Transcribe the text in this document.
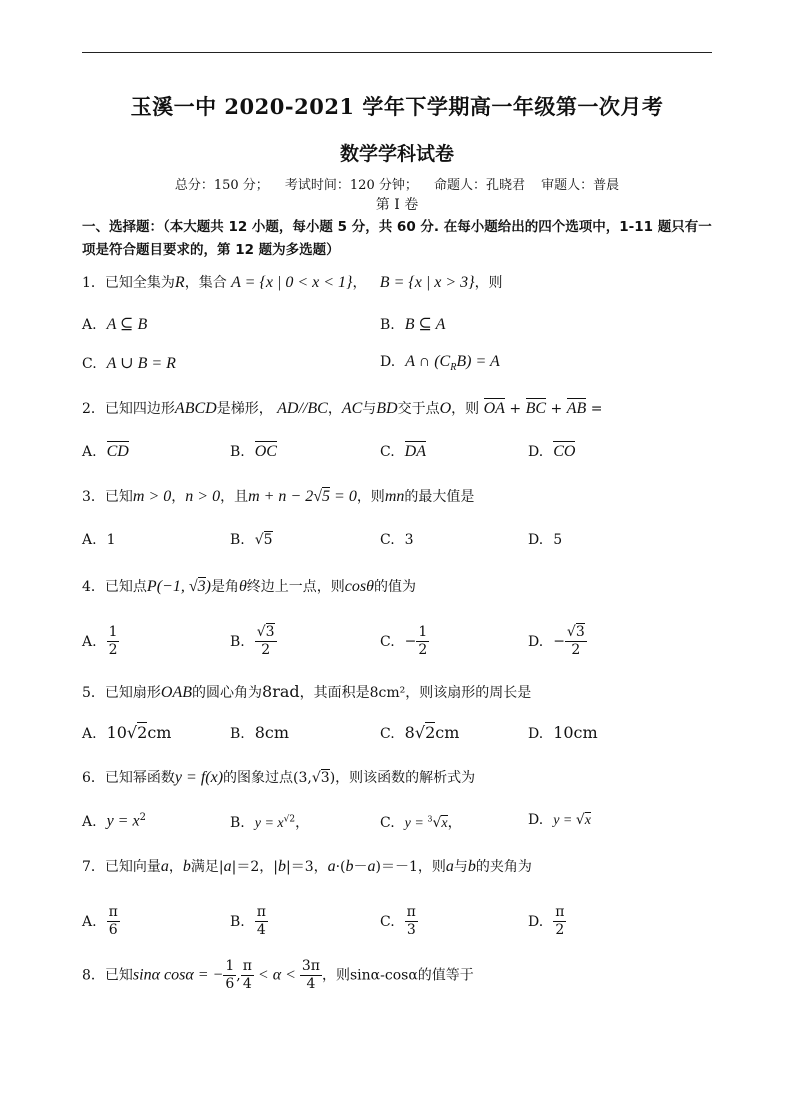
玉溪一中 2020-2021 学年下学期高一年级第一次月考
数学学科试卷
总分：150 分； 考试时间：120 分钟； 命题人：孔晓君 审题人：普晨
第 I 卷
一、选择题：（本大题共 12 小题，每小题 5 分，共 60 分. 在每小题给出的四个选项中，1-11 题只有一项是符合题目要求的，第 12 题为多选题）
1．已知全集为R，集合 A = {x | 0 < x < 1}， B = {x | x > 3}，则
A. A ⊆ B	B. B ⊆ A
C. A ∪ B = R	D. A ∩ $(C_RB) = A$
2．已知四边形ABCD是梯形， AD//BC，AC与BD交于点O，则 OA + BC + AB =
A. CD	B. OC	C. DA	D. CO
3．已知m > 0，n > 0，且m + n − 2√5 = 0，则mn的最大值是
A. 1	B. √5	C. 3	D. 5
4．已知点P(−1, √3)是角θ终边上一点，则cosθ的值为
A. $\frac{1}{2}$	B. $\frac{√3}{2}$	C. − $\frac{1}{2}$	D. − $\frac{√3}{2}$
5．已知扇形OAB的圆心角为8rad，其面积是8cm²，则该扇形的周长是
A. 10√2cm	B. 8cm	C. 8√2cm	D. 10cm
6．已知幂函数y = f(x)的图象过点(3,√3)，则该函数的解析式为
A. $y = x^2$	B. $y = x^{√2}$，	C. y = $^3$√x，	D. y = √x
7．已知向量a，b满足|a|＝2，|b|＝3，a·(b－a)＝－1，则a与b的夹角为
A. $\frac{\pi}{6}$	B. $\frac{\pi}{4}$	C. $\frac{\pi}{3}$	D. $\frac{\pi}{2}$
8．已知sinα cosα = − $\frac{1}{6}$ , $\frac{\pi}{4} < \alpha < \frac{3\pi}{4}$ ，则sinα-cosα的值等于
